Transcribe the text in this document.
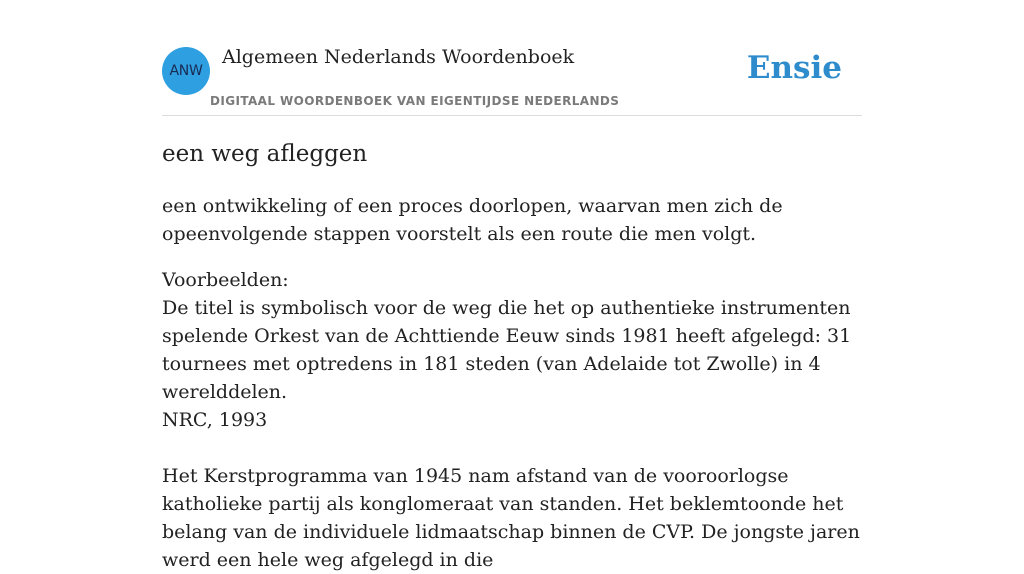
ANW
Algemeen Nederlands Woordenboek
DIGITAAL WOORDENBOEK VAN EIGENTIJDSE NEDERLANDS
Ensie
een weg afleggen

een ontwikkeling of een proces doorlopen, waarvan men zich de opeenvolgende stappen voorstelt als een route die men volgt.

Voorbeelden:
De titel is symbolisch voor de weg die het op authentieke instrumenten spelende Orkest van de Achttiende Eeuw sinds 1981 heeft afgelegd: 31 tournees met optredens in 181 steden (van Adelaide tot Zwolle) in 4 werelddelen.
NRC, 1993
Het Kerstprogramma van 1945 nam afstand van de vooroorlogse katholieke partij als konglomeraat van standen. Het beklemtoonde het belang van de individuele lidmaatschap binnen de CVP. De jongste jaren werd een hele weg afgelegd in die
